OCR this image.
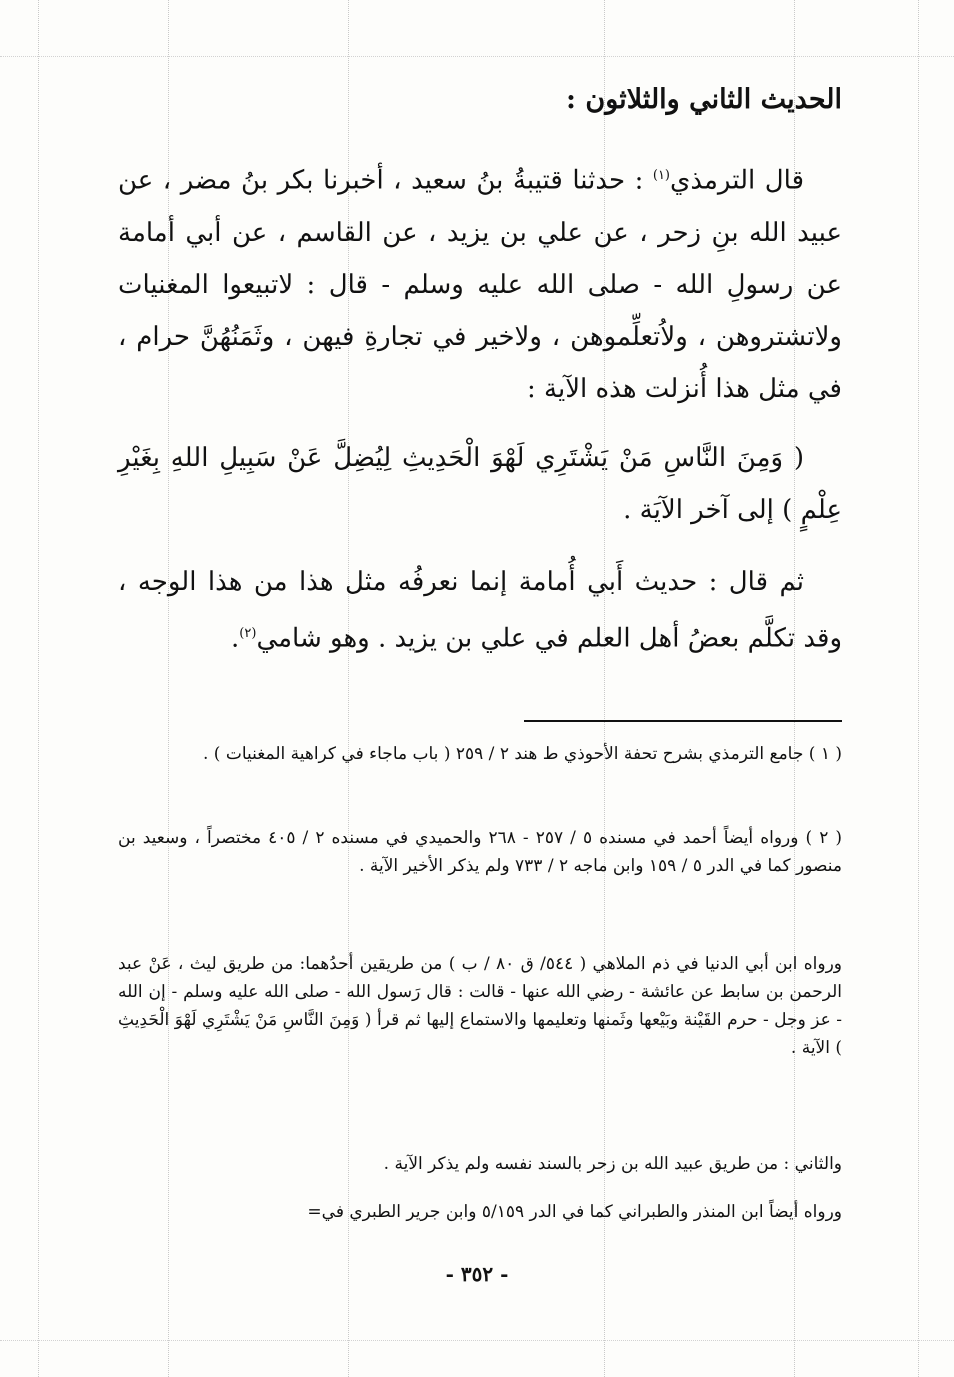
الحديث الثاني والثلاثون :
قال الترمذي$^{(١)}$ : حدثنا قتيبةُ بنُ سعيد ، أخبرنا بكر بنُ مضر ، عن عبيد الله بنِ زحر ، عن علي بن يزيد ، عن القاسم ، عن أبي أمامة عن رسولِ الله - صلى الله عليه وسلم - قال : لاتبيعوا المغنيات ولاتشتروهن ، ولاُتعلِّموهن ، ولاخير في تجارةِ فيهن ، وثَمَنُهُنَّ حرام ، في مثل هذا أُنزلت هذه الآية :
( وَمِنَ النَّاسِ مَنْ يَشْتَرِي لَهْوَ الْحَدِيثِ لِيُضِلَّ عَنْ سَبِيلِ اللهِ بِغَيْرِ عِلْمٍ ) إلى آخر الآيَة .
ثم قال : حديث أَبي أُمامة إنما نعرفُه مثل هذا من هذا الوجه ، وقد تكلَّم بعضُ أهل العلم في علي بن يزيد . وهو شامي$^{(٢)}$.
( ١ ) جامع الترمذي بشرح تحفة الأحوذي ط هند ٢ / ٢٥٩ ( باب ماجاء في كراهية المغنيات ) .
( ٢ ) ورواه أيضاً أحمد في مسنده ٥ / ٢٥٧ - ٢٦٨ والحميدي في مسنده ٢ / ٤٠٥ مختصراً ، وسعيد بن منصور كما في الدر ٥ / ١٥٩ وابن ماجه ٢ / ٧٣٣ ولم يذكر الأخير الآية .
ورواه ابن أبي الدنيا في ذم الملاهي ( ٥٤٤/ ق ٨٠ / ب ) من طريقين أحدُهما: من طريق ليث ، عَنْ عبد الرحمن بن سابط عن عائشة - رضي الله عنها - قالت : قال رَسول الله - صلى الله عليه وسلم - إن الله - عز وجل - حرم القَيْنة وبَيْعها وثَمنها وتعليمها والاستماع إليها ثم قرأ ( وَمِنَ النَّاسِ مَنْ يَشْتَرِي لَهْوَ الْحَدِيثِ ) الآية .
والثاني : من طريق عبيد الله بن زحر بالسند نفسه ولم يذكر الآية .
ورواه أيضاً ابن المنذر والطبراني كما في الدر ٥/١٥٩ وابن جرير الطبري في=
- ٣٥٢ -
